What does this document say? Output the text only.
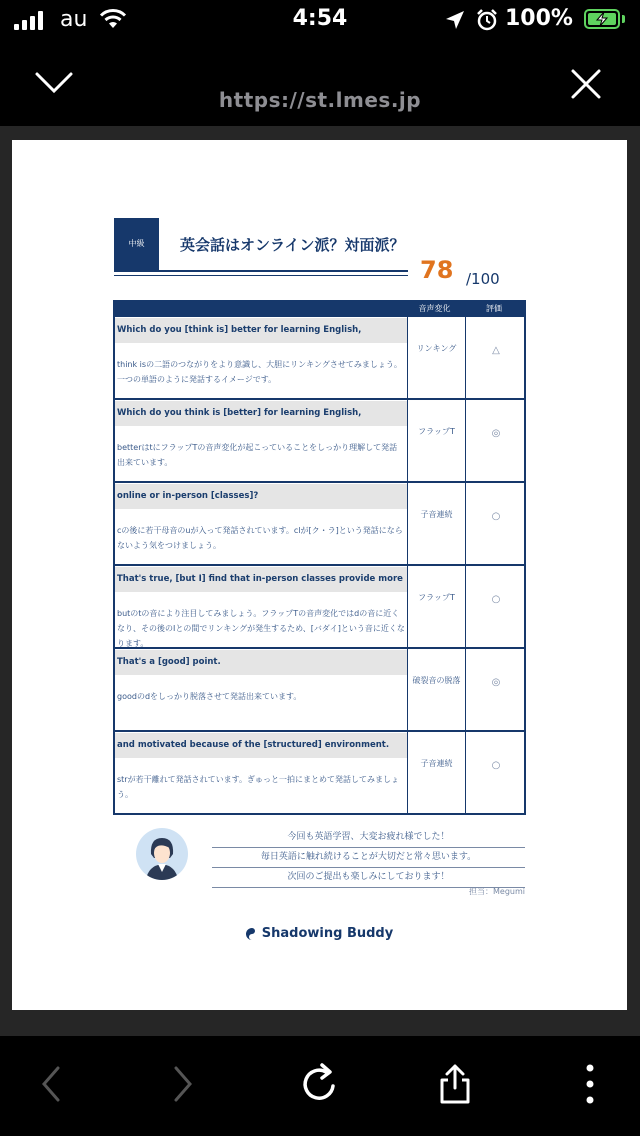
au	4:54	100%
https://st.lmes.jp
中級	英会話はオンライン派？対面派？
78 /100
音声変化	評価
Which do you [think is] better for learning English,
think isの二語のつながりをより意識し、大胆にリンキングさせてみましょう。一つの単語のように発話するイメージです。
リンキング	△
Which do you think is [better] for learning English,
betterはtにフラップTの音声変化が起こっていることをしっかり理解して発話出来ています。
フラップT	◎
online or in-person [classes]?
cの後に若干母音のuが入って発話されています。clが[ク・ラ]という発話にならないよう気をつけましょう。
子音連続	○
That's true, [but I] find that in-person classes provide more
butのtの音により注目してみましょう。フラップTの音声変化ではdの音に近くなり、その後のIとの間でリンキングが発生するため、[バダイ]という音に近くなります。
フラップT	○
That's a [good] point.
goodのdをしっかり脱落させて発話出来ています。
破裂音の脱落	◎
and motivated because of the [structured] environment.
strが若干離れて発話されています。ぎゅっと一拍にまとめて発話してみましょう。
子音連続	○
今回も英語学習、大変お疲れ様でした！
毎日英語に触れ続けることが大切だと常々思います。
次回のご提出も楽しみにしております！
担当：Megumi
Shadowing Buddy
